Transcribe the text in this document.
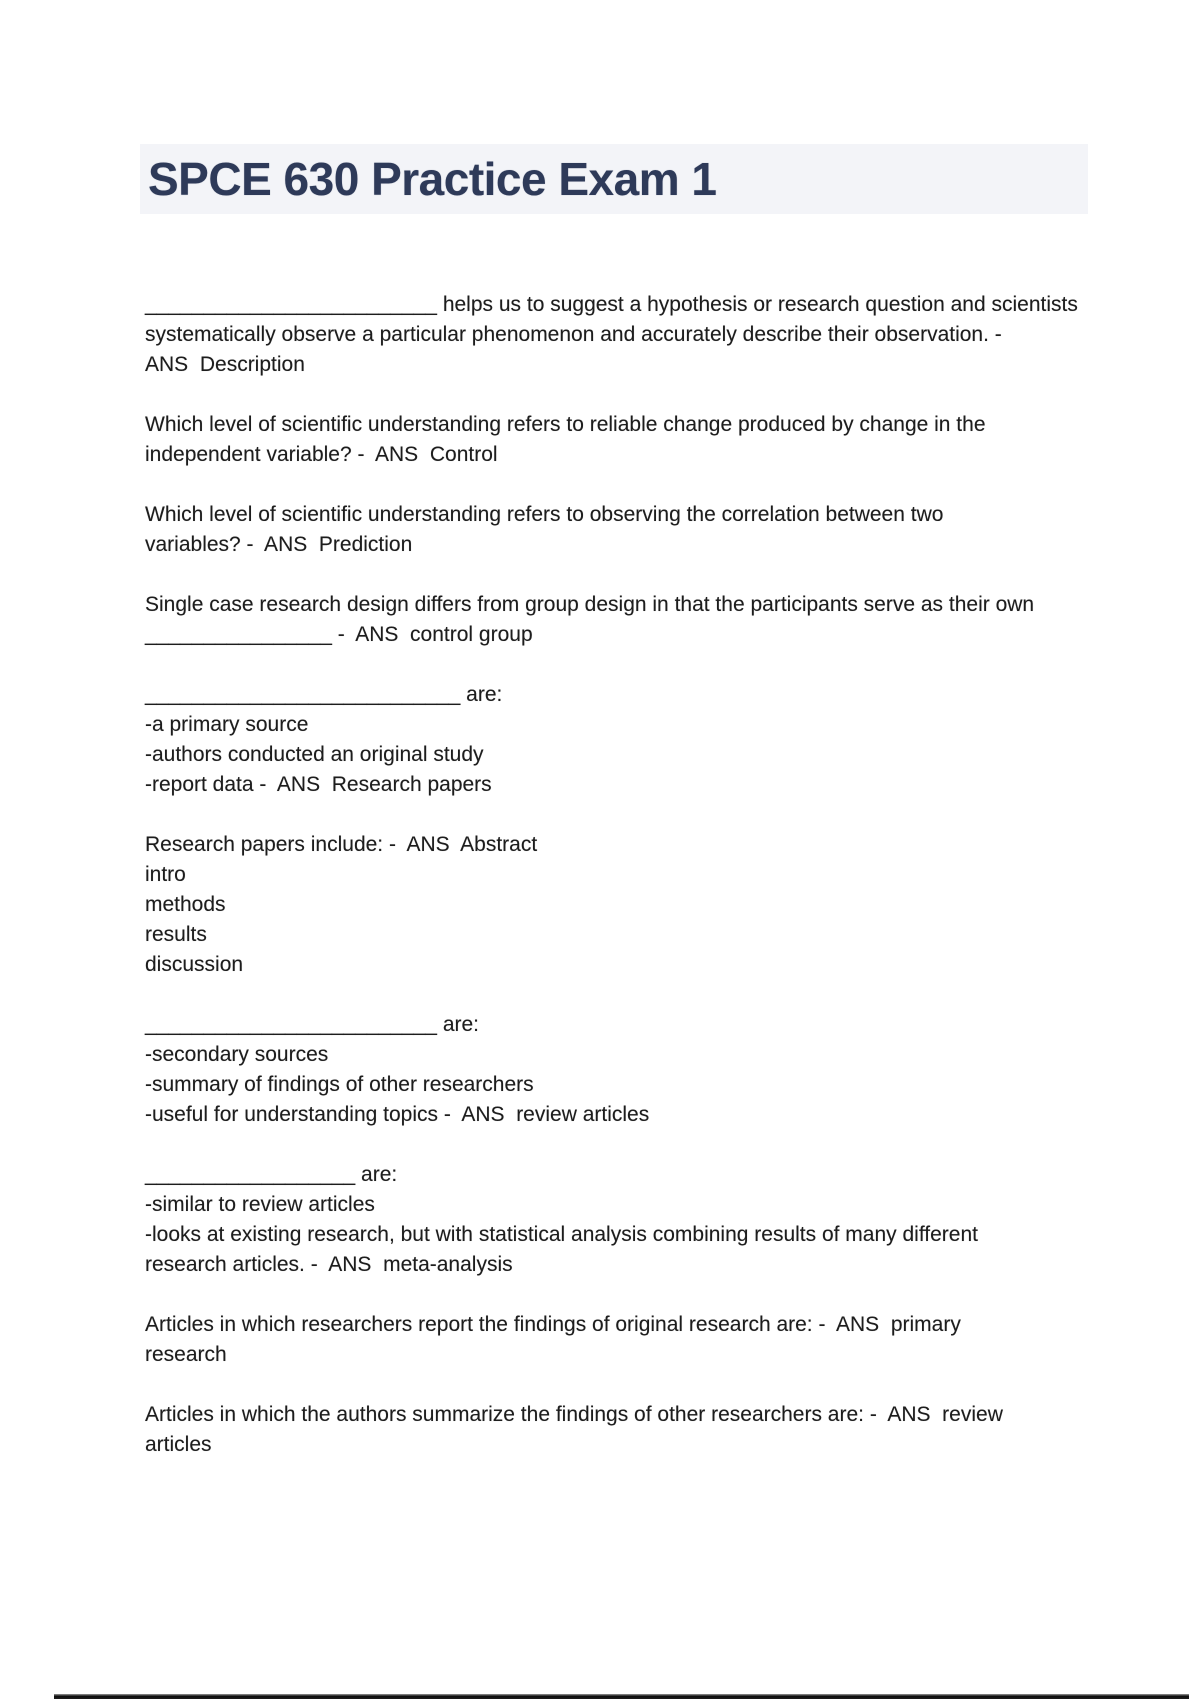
SPCE 630 Practice Exam 1
_________________________ helps us to suggest a hypothesis or research question and scientists
systematically observe a particular phenomenon and accurately describe their observation. -
ANS  Description
Which level of scientific understanding refers to reliable change produced by change in the
independent variable? -  ANS  Control
Which level of scientific understanding refers to observing the correlation between two
variables? -  ANS  Prediction
Single case research design differs from group design in that the participants serve as their own
________________ -  ANS  control group
___________________________ are:
-a primary source
-authors conducted an original study
-report data -  ANS  Research papers
Research papers include: -  ANS  Abstract
intro
methods
results
discussion
_________________________ are:
-secondary sources
-summary of findings of other researchers
-useful for understanding topics -  ANS  review articles
__________________ are:
-similar to review articles
-looks at existing research, but with statistical analysis combining results of many different
research articles. -  ANS  meta-analysis
Articles in which researchers report the findings of original research are: -  ANS  primary
research
Articles in which the authors summarize the findings of other researchers are: -  ANS  review
articles
